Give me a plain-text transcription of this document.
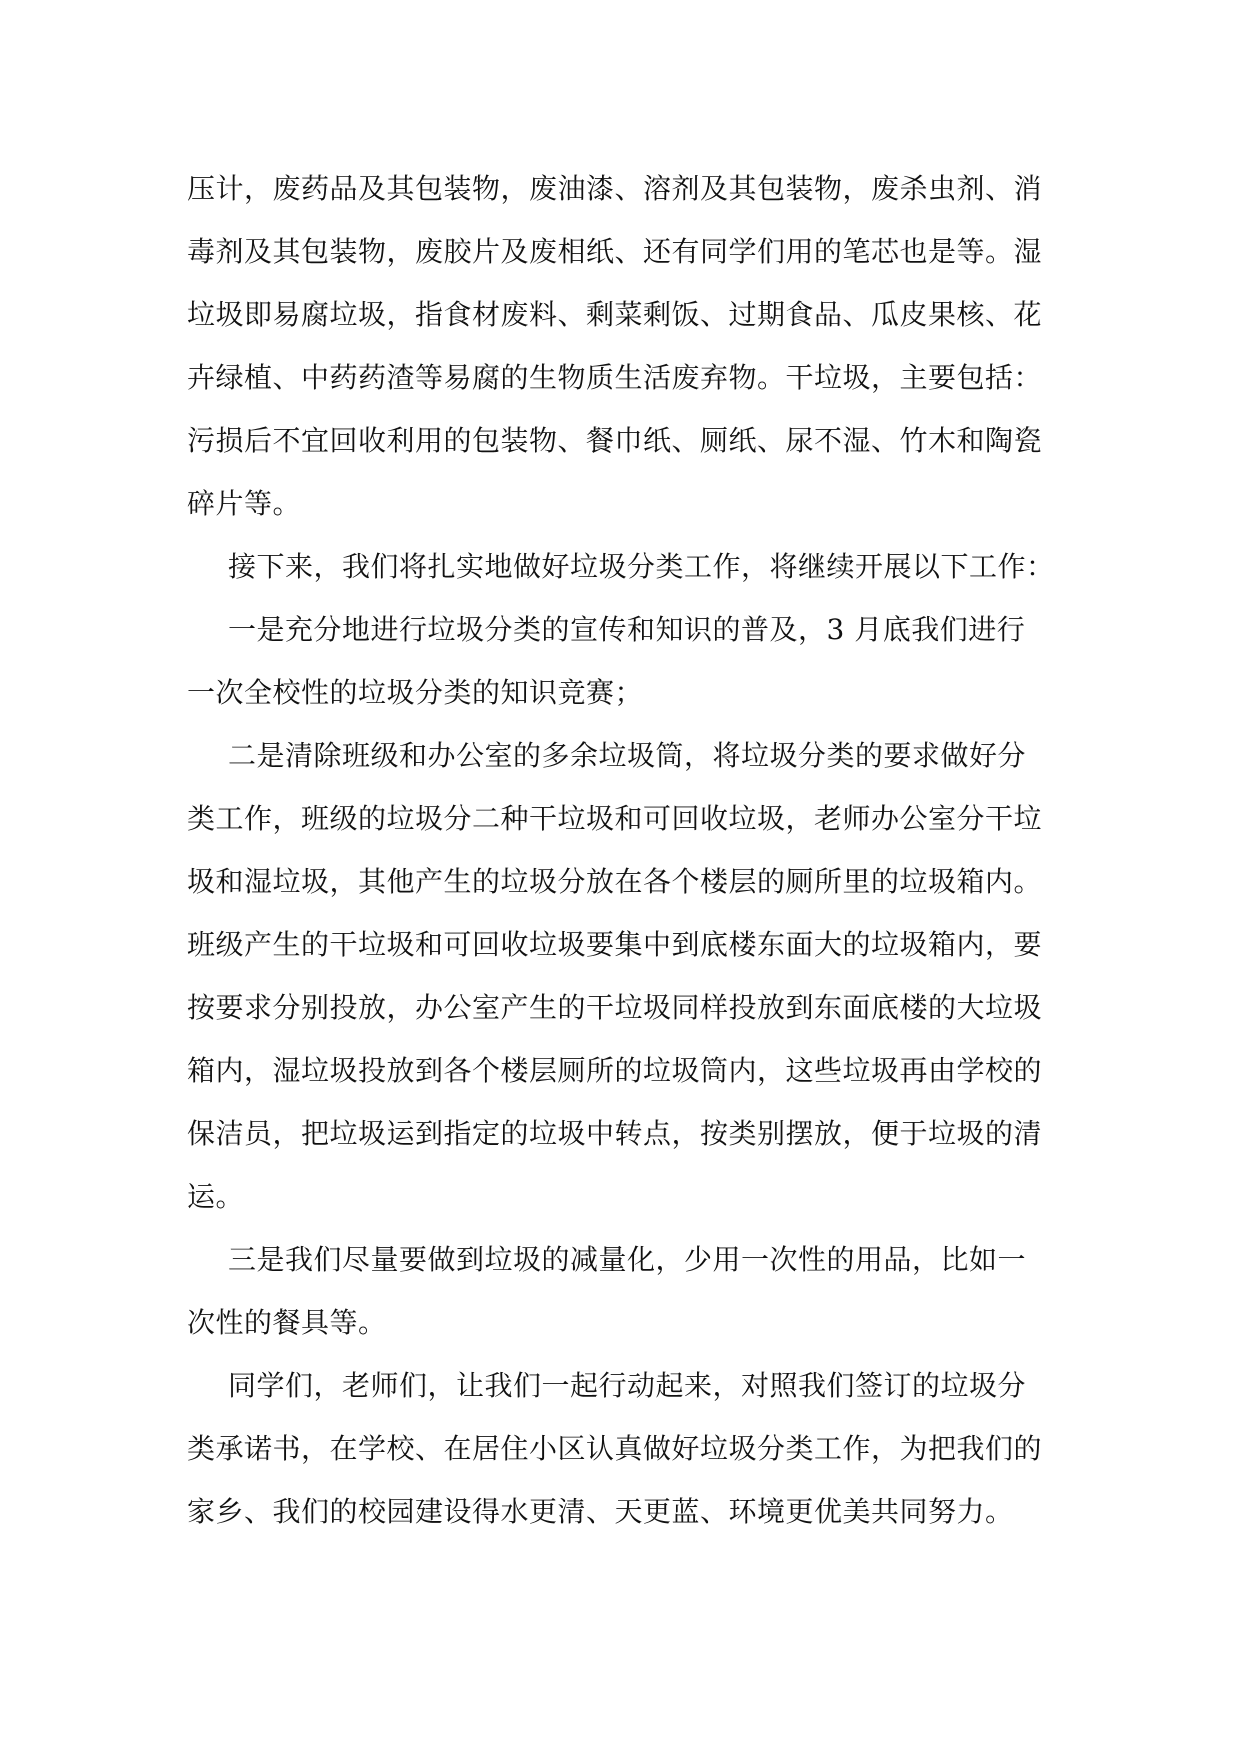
压计，废药品及其包装物，废油漆、溶剂及其包装物，废杀虫剂、消
毒剂及其包装物，废胶片及废相纸、还有同学们用的笔芯也是等。湿
垃圾即易腐垃圾，指食材废料、剩菜剩饭、过期食品、瓜皮果核、花
卉绿植、中药药渣等易腐的生物质生活废弃物。干垃圾，主要包括：
污损后不宜回收利用的包装物、餐巾纸、厕纸、尿不湿、竹木和陶瓷
碎片等。
接下来，我们将扎实地做好垃圾分类工作，将继续开展以下工作：
一是充分地进行垃圾分类的宣传和知识的普及，3 月底我们进行
一次全校性的垃圾分类的知识竞赛；
二是清除班级和办公室的多余垃圾筒，将垃圾分类的要求做好分
类工作，班级的垃圾分二种干垃圾和可回收垃圾，老师办公室分干垃
圾和湿垃圾，其他产生的垃圾分放在各个楼层的厕所里的垃圾箱内。
班级产生的干垃圾和可回收垃圾要集中到底楼东面大的垃圾箱内，要
按要求分别投放，办公室产生的干垃圾同样投放到东面底楼的大垃圾
箱内，湿垃圾投放到各个楼层厕所的垃圾筒内，这些垃圾再由学校的
保洁员，把垃圾运到指定的垃圾中转点，按类别摆放，便于垃圾的清
运。
三是我们尽量要做到垃圾的减量化，少用一次性的用品，比如一
次性的餐具等。
同学们，老师们，让我们一起行动起来，对照我们签订的垃圾分
类承诺书，在学校、在居住小区认真做好垃圾分类工作，为把我们的
家乡、我们的校园建设得水更清、天更蓝、环境更优美共同努力。
